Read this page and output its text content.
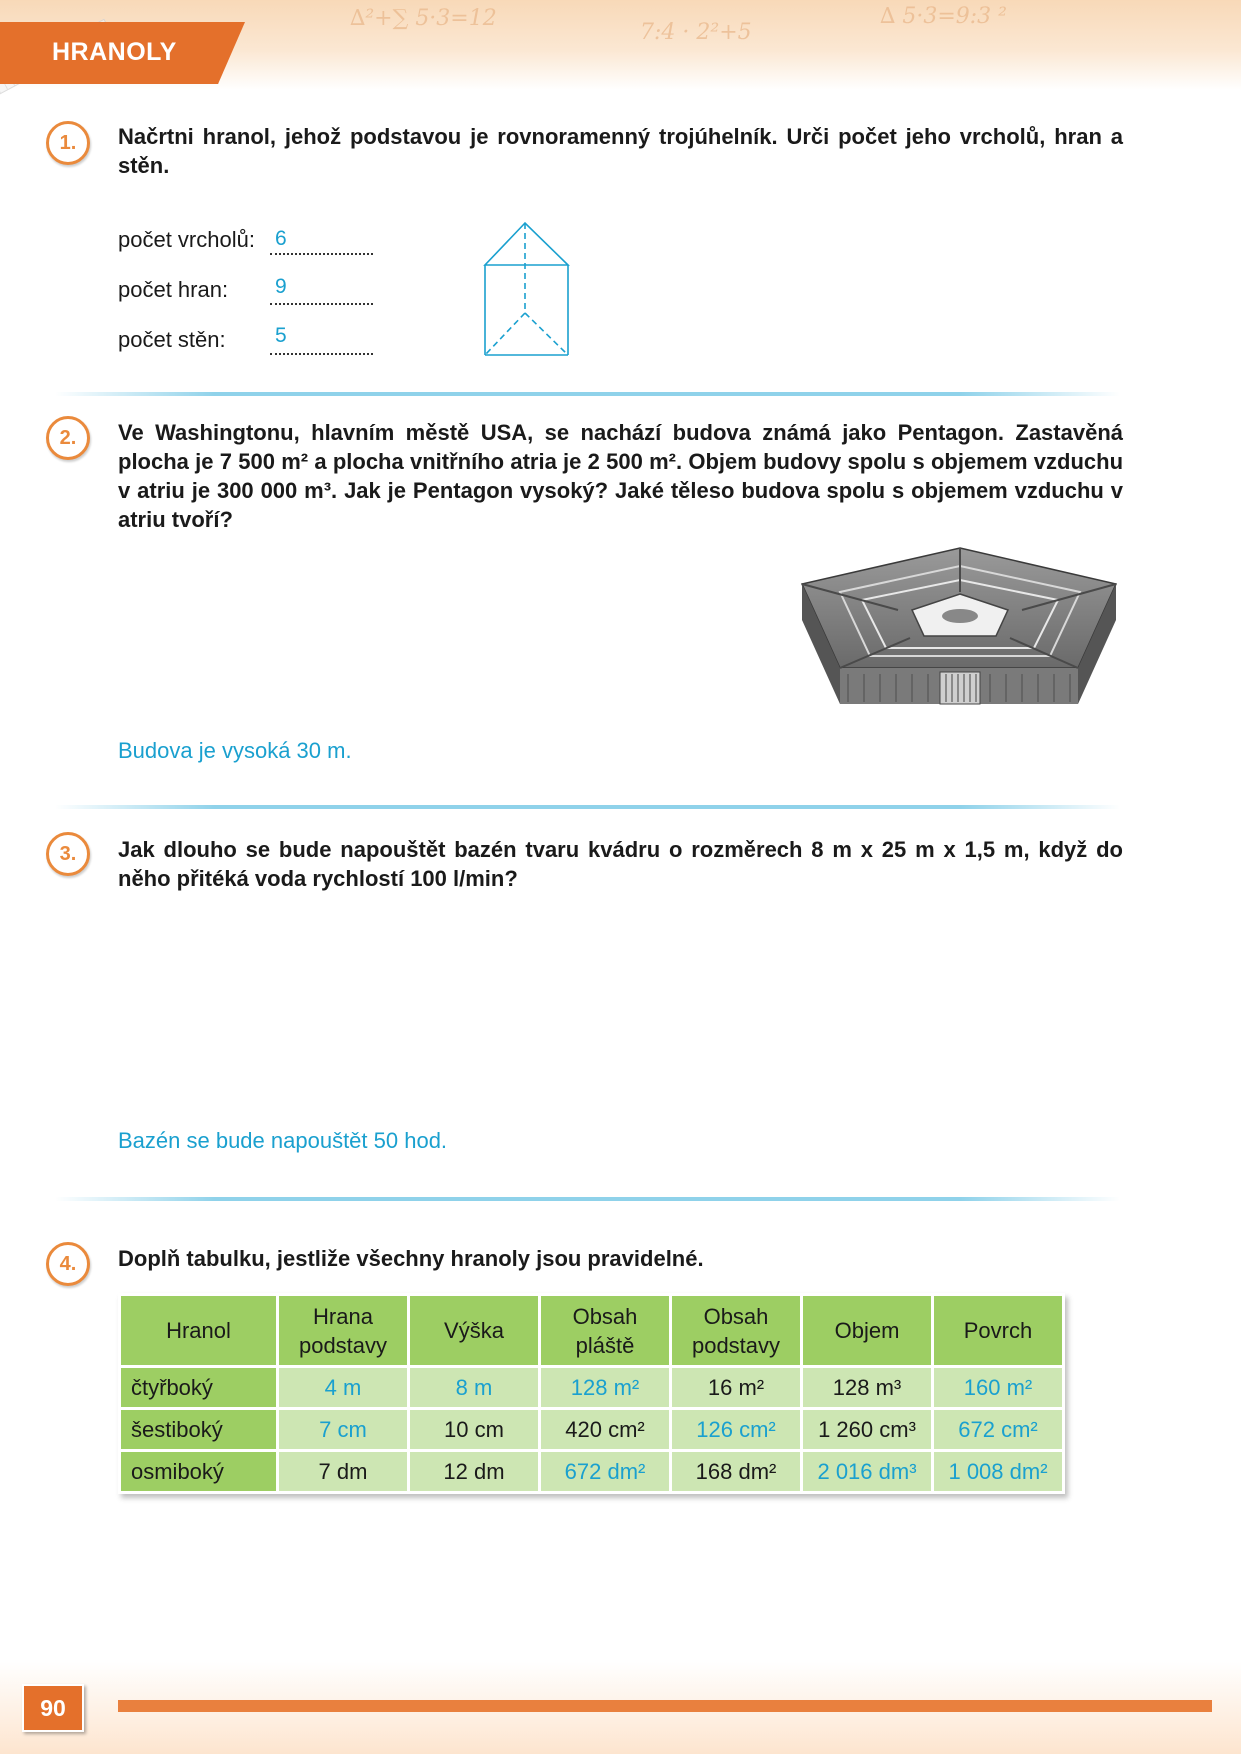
∆²+∑ 5·3=12
7:4 · 2²+5
∆ 5·3=9:3 ²
HRANOLY
1.	Načrtni hranol, jehož podstavou je rovnoramenný trojúhelník. Urči počet jeho vrcholů, hran a stěn.
počet vrcholů: 6
počet hran: 9
počet stěn: 5
2.	Ve Washingtonu, hlavním městě USA, se nachází budova známá jako Pentagon. Zastavěná plocha je 7 500 m² a plocha vnitřního atria je 2 500 m². Objem budovy spolu s objemem vzduchu v atriu je 300 000 m³. Jak je Pentagon vysoký? Jaké těleso budova spolu s objemem vzduchu v atriu tvoří?
Budova je vysoká 30 m.
3.	Jak dlouho se bude napouštět bazén tvaru kvádru o rozměrech 8 m x 25 m x 1,5 m, když do něho přitéká voda rychlostí 100 l/min?
Bazén se bude napouštět 50 hod.
4.	Doplň tabulku, jestliže všechny hranoly jsou pravidelné.
Hranol	Hrana podstavy	Výška	Obsah pláště	Obsah podstavy	Objem	Povrch
čtyřboký	4 m	8 m	128 m²	16 m²	128 m³	160 m²
šestiboký	7 cm	10 cm	420 cm²	126 cm²	1 260 cm³	672 cm²
osmiboký	7 dm	12 dm	672 dm²	168 dm²	2 016 dm³	1 008 dm²
90
